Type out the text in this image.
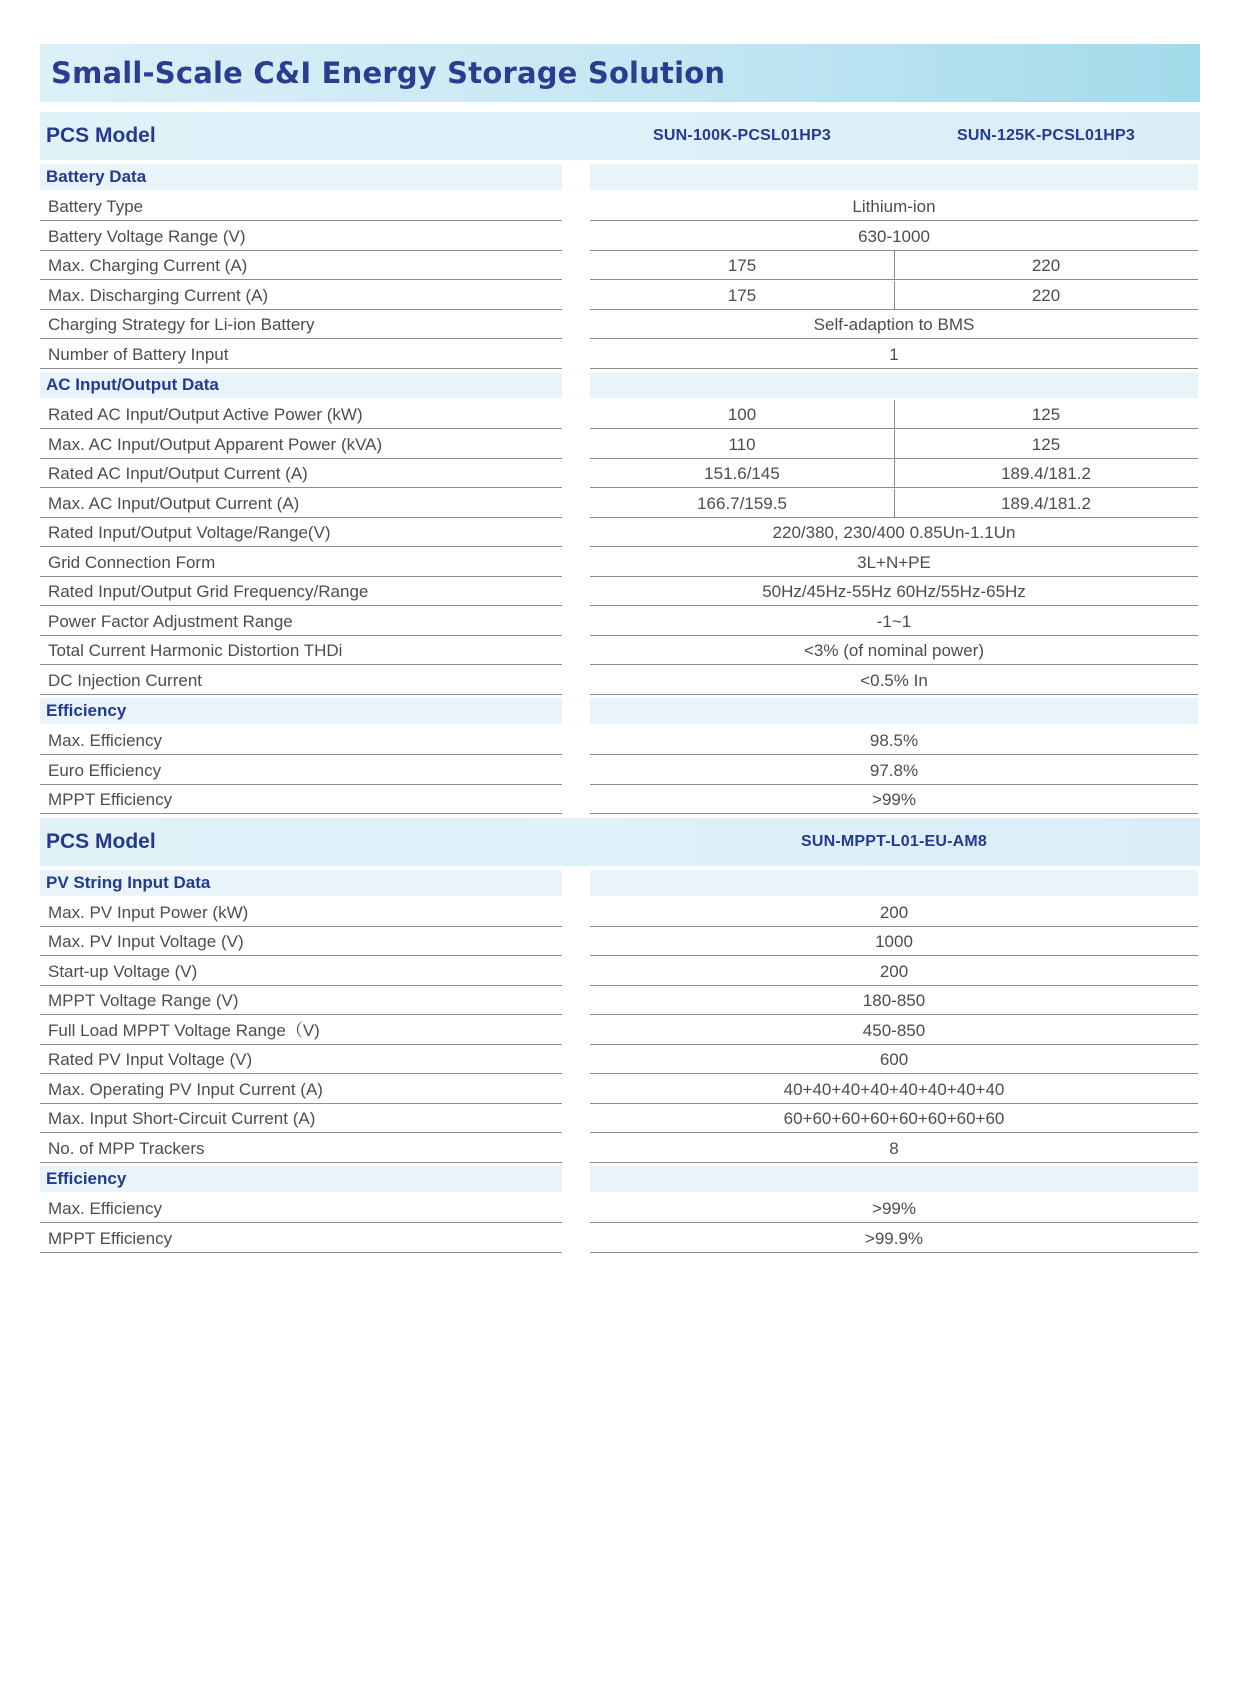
Small-Scale C&I Energy Storage Solution
PCS Model	SUN-100K-PCSL01HP3	SUN-125K-PCSL01HP3
Battery Data
Battery Type	Lithium-ion
Battery Voltage Range (V)	630-1000
Max. Charging Current (A)	175	220
Max. Discharging Current (A)	175	220
Charging Strategy for Li-ion Battery	Self-adaption to BMS
Number of Battery Input	1
AC Input/Output Data
Rated AC Input/Output Active Power (kW)	100	125
Max. AC Input/Output Apparent Power (kVA)	110	125
Rated AC Input/Output Current (A)	151.6/145	189.4/181.2
Max. AC Input/Output Current (A)	166.7/159.5	189.4/181.2
Rated Input/Output Voltage/Range(V)	220/380, 230/400 0.85Un-1.1Un
Grid Connection Form	3L+N+PE
Rated Input/Output Grid Frequency/Range	50Hz/45Hz-55Hz 60Hz/55Hz-65Hz
Power Factor Adjustment Range	-1~1
Total Current Harmonic Distortion THDi	<3% (of nominal power)
DC Injection Current	<0.5% In
Efficiency
Max. Efficiency	98.5%
Euro Efficiency	97.8%
MPPT Efficiency	>99%
PCS Model	SUN-MPPT-L01-EU-AM8
PV String Input Data
Max. PV Input Power (kW)	200
Max. PV Input Voltage (V)	1000
Start-up Voltage (V)	200
MPPT Voltage Range (V)	180-850
Full Load MPPT Voltage Range（V)	450-850
Rated PV Input Voltage (V)	600
Max. Operating PV Input Current (A)	40+40+40+40+40+40+40+40
Max. Input Short-Circuit Current (A)	60+60+60+60+60+60+60+60
No. of MPP Trackers	8
Efficiency
Max. Efficiency	>99%
MPPT Efficiency	>99.9%
